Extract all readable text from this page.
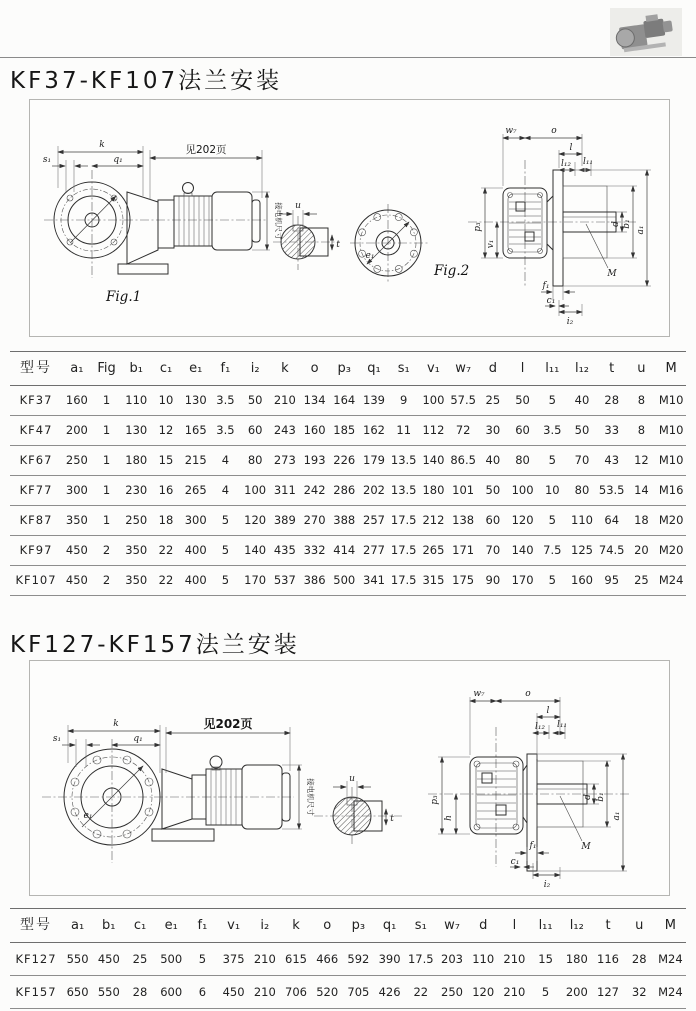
KF37-KF107法兰安装
k
s₁	q₁
见202页
接电机尺寸
Fig.1
u
t
e₁
Fig.2	M
w₇	o
l
l₁₂ l₁₁
p₃
v₁
d b₁
a₁
f₁
c₁
i₂
型号	a₁	Fig	b₁	c₁	e₁	f₁	i₂	k	o	p₃	q₁	s₁	v₁	w₇	d	l	l₁₁	l₁₂	t	u	M
KF37	160	1	110 10 130 3.5	50 210 134 164 139	9	100 57.5 25	50	5	40	28	8	M10
KF47	200	1	130 12 165 3.5	60 243 160 185 162 11 112 72	30	60	3.5	50	33	8	M10
KF67	250	1	180 15 215	4	80 273 193 226 179 13.5 140 86.5 40	80	5	70	43	12 M10
KF77	300	1	230 16 265	4	100 311 242 286 202 13.5 180 101 50 100 10	80 53.5 14 M16
KF87	350	1	250 18 300	5	120 389 270 388 257 17.5 212 138 60 120	5	110 64	18 M20
KF97	450	2	350 22 400	5	140 435 332 414 277 17.5 265 171 70 140 7.5 125 74.5 20 M20
KF107 450	2	350 22 400	5	170 537 386 500 341 17.5 315 175 90 170	5	160 95	25 M24
KF127-KF157法兰安装
e₁
k
s₁	q₁
见202页
接电机尺寸	u
t
M
w₇	o
l
l₁₂ l₁₁
p₃
h
d b₁
a₁
f₁
c₁
i₂
型号	a₁	b₁	c₁	e₁	f₁	v₁	i₂	k	o	p₃	q₁	s₁	w₇	d	l	l₁₁	l₁₂	t	u	M
KF127 550 450	25	500	5	375 210 615 466 592 390 17.5 203 110 210	15	180 116	28	M24
KF157 650 550	28	600	6	450 210 706 520 705 426	22	250 120 210	5	200 127	32	M24
